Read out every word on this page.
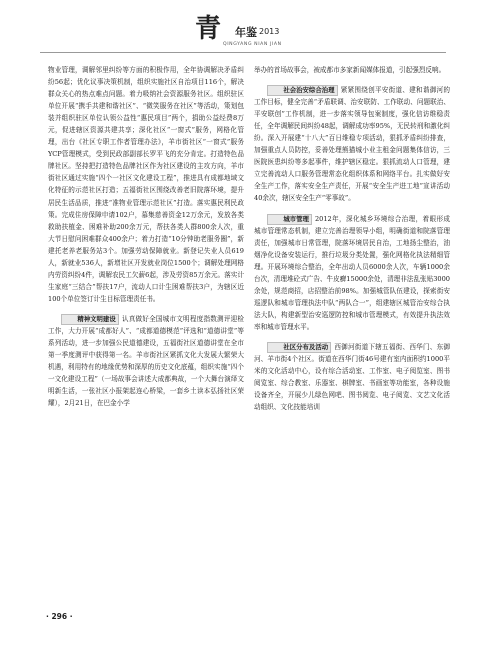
青 年鉴 2013
QINGYANG NIAN JIAN

物业管理，调解邻里纠纷等方面的积极作用，全年协调解决矛盾纠纷56起；优化议事决策机制，组织实施社区自治项目116个，解决群众关心的热点难点问题。着力吸纳社会资源服务社区。组织驻区单位开展“携手共建和谐社区”、“微笑服务在社区”等活动，策划包装并组织驻区单位认领公益性“惠民项目”两个，捐助公益经费8万元，促进辖区资源共建共享；深化社区“一窗式”服务，网格化管理，出台《社区专职工作者管理办法》，羊市街社区“一窗式”服务YCP管理模式，受到民政部副部长罗平飞的充分肯定。打造特色品牌社区。坚持把打造特色品牌社区作为社区建设的主攻方向，羊市街社区通过实施“四个一社区文化建设工程”，推进具有成都地域文化特征的示范社区打造；五福街社区围绕改善老旧院落环境，提升居民生活品质，推进“准物业管理示范社区”打造。落实惠民利民政策。完成住房保障申请102户，慕集慈善资金12万余元，发放各类救助扶植金、困难补助200余万元，帮扶各类人群800余人次，重大节日慰问困难群众400余户；着力打造“10分钟助老服务圈”，新建托老养老服务站3个。加强劳动保障就业。新登记失业人员619人，新就业536人，新增社区开发就业岗位1500个；调解处理网格内劳资纠纷4件，调解农民工欠薪6起，涉及劳资85万余元。落实计生家庭“三结合”帮扶17户，流动人口计生困难帮扶3户，为辖区近100个单位签订计生目标管理责任书。

精神文明建设 认真做好全国城市文明程度指数测评迎检工作，大力开展“成都好人”、“成都道德模范”评选和“道德讲堂”等系列活动，进一步加强公民道德建设，五福街社区道德讲堂在全市第一季度测评中获得第一名。羊市街社区紧抓文化大发展大繁荣大机遇，利用特有的地缘优势和深厚的历史文化底蕴，组织实施“四个一文化建设工程”（一场故事会讲述大成都典故，一个大舞台演绎文明新生活，一张社区小报架起连心桥梁，一套乡土读本弘扬社区荣耀），2月21日，在巴金小学

举办的首场故事会，被成都市多家新闻媒体报道，引起强烈反响。

社会治安综合治理 紧紧围绕创平安街道、建和谐御河的工作目标，健全完善“矛盾联调、治安联防、工作联动、问题联治、平安联创”工作机制，进一步落实领导包案制度，强化信访维稳责任，全年调解民间纠纷48起，调解成功率95%，无民转刑和激化纠纷。深入开展建“十八大”百日维稳专项活动，狠抓矛盾纠纷排查，加强重点人员防控，妥善处理熊猫城小业主租金问题集体信访，三医院医患纠纷等多起事件，维护辖区稳定。狠抓流动人口管理，建立完善流动人口服务管理常态化组织体系和网络平台。扎实做好安全生产工作，落实安全生产责任，开展“安全生产进工地”宣讲活动40余次，辖区安全生产“零事故”。

城市管理 2012年，深化城乡环境综合治理，着眼形成城市管理常态机制，建立完善治理领导小组，明确街道和院落管理责任，加强城市日常管理，院落环境居民自治，工地扬尘整治，油烟净化设备安装运行，推行垃圾分类处置，强化网格化执法精细管理。开展环境综合整治，全年出动人员6000余人次，车辆1000余台次，清理堆砼式广告、牛皮癣15000余处，清理非法乱张贴3000余处，规范商招，店招整治前98%。加强城管队伍建设，探索街安巡逻队和城市管理执法中队“两队合一”，组建辖区城管治安综合执法大队，构建新型治安巡逻防控和城市管理模式，有效提升执法效率和城市管理水平。

社区分布及活动 西御河街道下辖五福街、西华门、东御河、羊市街4个社区。街道在西华门街46号建有室内面积约1000平米的文化活动中心，设有综合活动室、工作室、电子阅览室、图书阅览室、综合教室、乐器室、棋牌室、书画室等功能室，各种设施设备齐全，开展少儿绿色网吧、图书阅览、电子阅览、文艺文化活动组织、文化技能培训

· 296 ·
